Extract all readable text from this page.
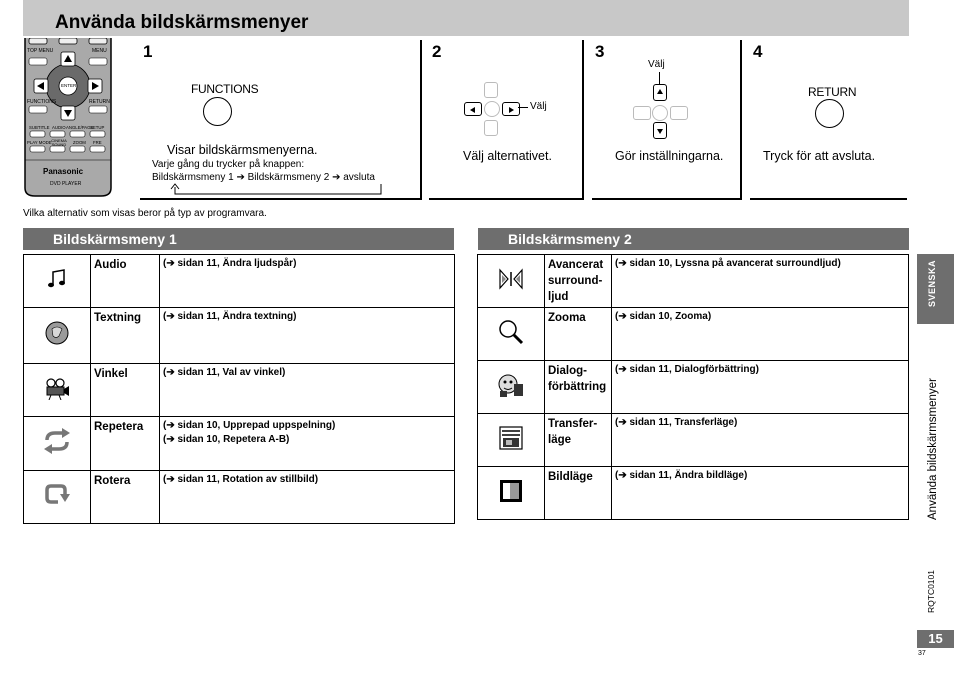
Använda bildskärmsmenyer
TOP MENU	MENU
ENTER
FUNCTIONS	RETURN
SUBTITLE AUDIO ANGLE/PAGE
SETUP
PLAY MODE CINEMA SOUND	ZOOM FRE
Panasonic
DVD PLAYER
1
FUNCTIONS
Visar bildskärmsmenyerna.
Varje gång du trycker på knappen:
Bildskärmsmeny 1 ➔ Bildskärmsmeny 2 ➔ avsluta
2
Välj
Välj alternativet.
3
Välj
Gör inställningarna.
4
RETURN
Tryck för att avsluta.
Vilka alternativ som visas beror på typ av programvara.
Bildskärmsmeny 1
	Audio	(➔ sidan 11, Ändra ljudspår)
	Textning	(➔ sidan 11, Ändra textning)
	Vinkel	(➔ sidan 11, Val av vinkel)
	Repetera	(➔ sidan 10, Upprepad uppspelning)
(➔ sidan 10, Repetera A-B)

	Rotera	(➔ sidan 11, Rotation av stillbild)
Bildskärmsmeny 2
	Avancerat surround-ljud	(➔ sidan 10, Lyssna på avancerat surroundljud)
	Zooma	(➔ sidan 10, Zooma)
	Dialog-förbättring	(➔ sidan 11, Dialogförbättring)
	Transfer-läge	(➔ sidan 11, Transferläge)
	Bildläge	(➔ sidan 11, Ändra bildläge)
SVENSKA
Använda bildskärmsmenyer
RQTC0101
15
37
